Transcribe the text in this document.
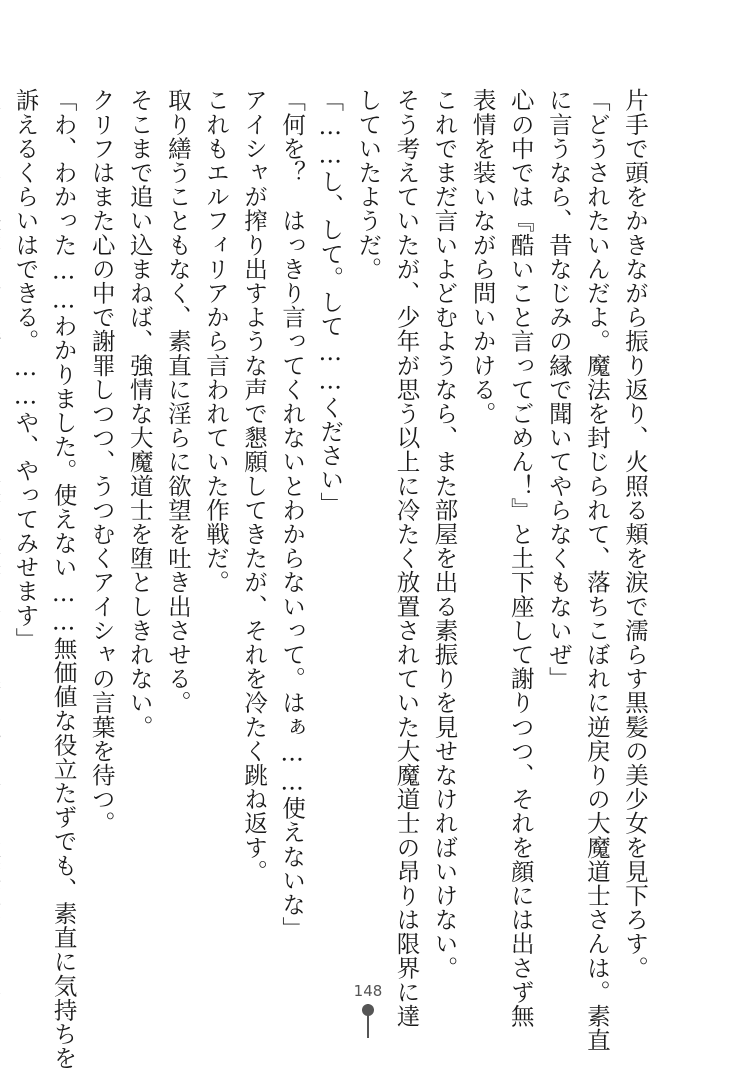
片手で頭をかきながら振り返り、火照る頬を涙で濡らす黒髪の美少女を見下ろす。
「どうされたいんだよ。魔法を封じられて、落ちこぼれに逆戻りの大魔道士さんは。素直
に言うなら、昔なじみの縁で聞いてやらなくもないぜ」
心の中では『酷いこと言ってごめん！』と土下座して謝りつつ、それを顔には出さず無
表情を装いながら問いかける。
これでまだ言いよどむようなら、また部屋を出る素振りを見せなければいけない。
そう考えていたが、少年が思う以上に冷たく放置されていた大魔道士の昂りは限界に達
していたようだ。
「……し、して。して……ください」
「何を？　はっきり言ってくれないとわからないって。はぁ……使えないな」
アイシャが搾り出すような声で懇願してきたが、それを冷たく跳ね返す。
これもエルフィリアから言われていた作戦だ。
取り繕うこともなく、素直に淫らに欲望を吐き出させる。
そこまで追い込まねば、強情な大魔道士を堕としきれない。
クリフはまた心の中で謝罪しつつ、うつむくアイシャの言葉を待つ。
「わ、わかった……わかりました。使えない……無価値な役立たずでも、素直に気持ちを
訴えるくらいはできる。……や、やってみせます」
148
